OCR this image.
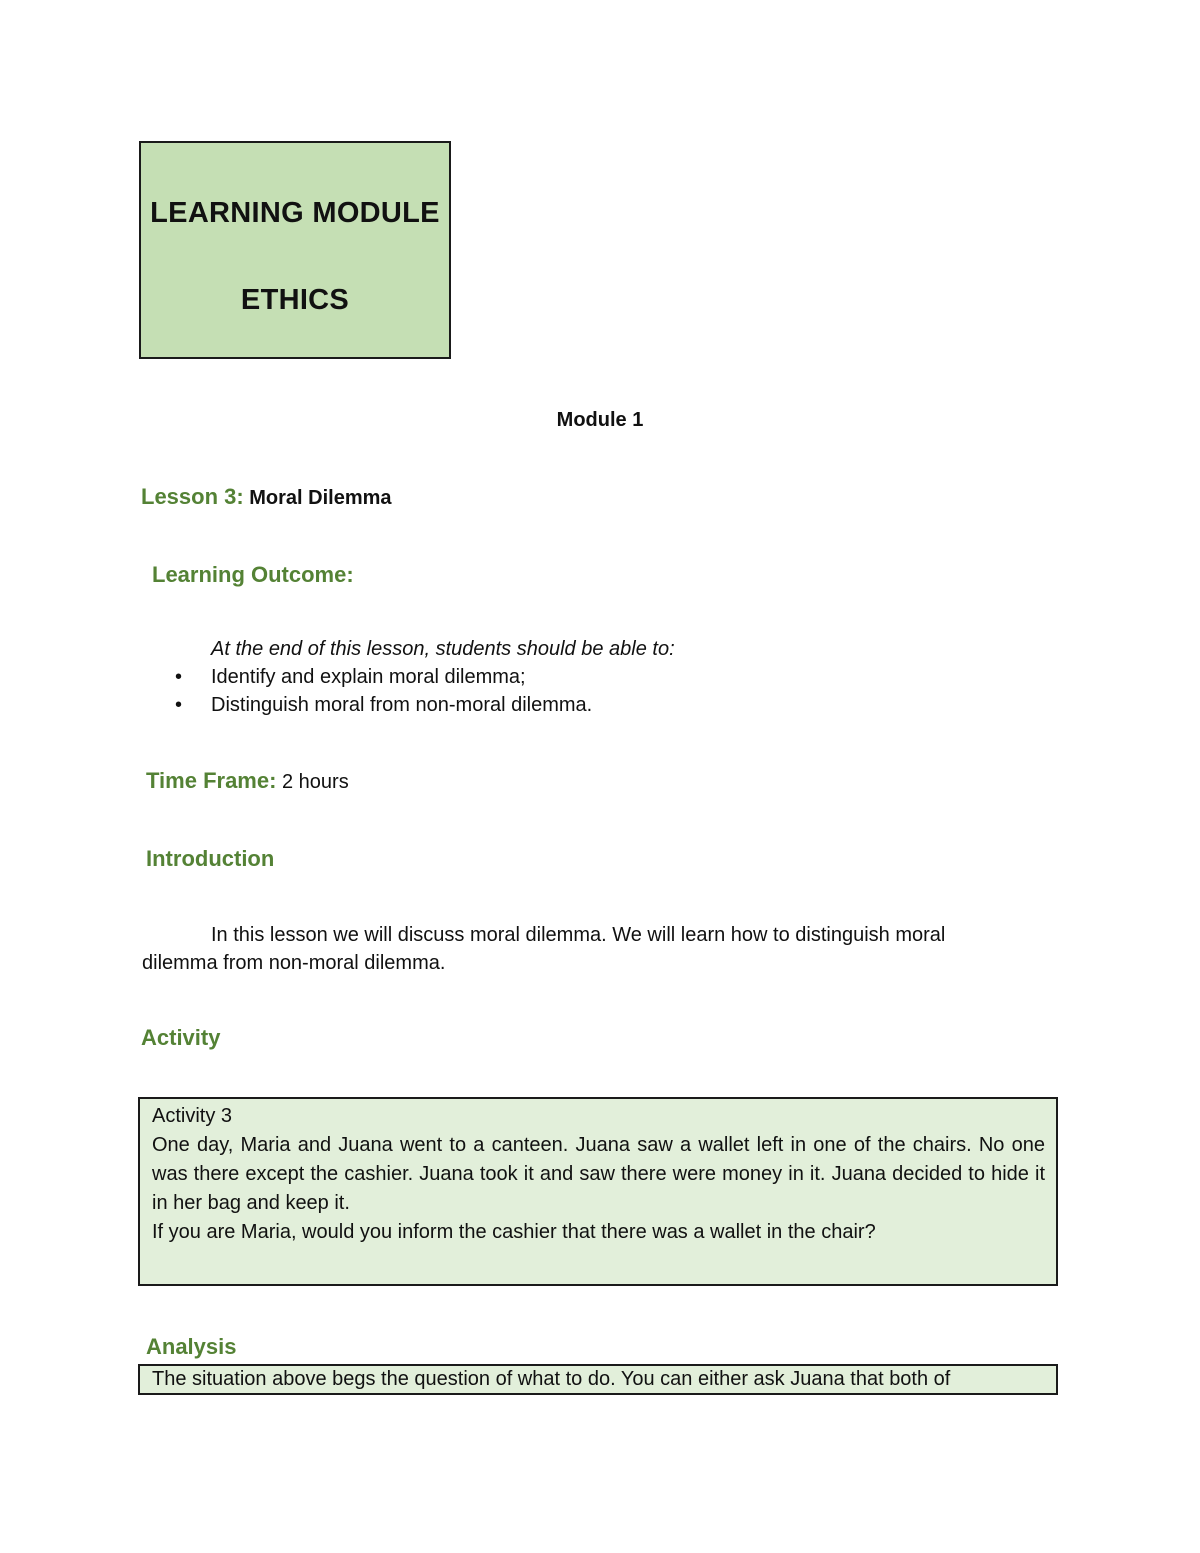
LEARNING MODULE
ETHICS
Module 1
Lesson 3: Moral Dilemma
Learning Outcome:
At the end of this lesson, students should be able to:
• Identify and explain moral dilemma;
• Distinguish moral from non-moral dilemma.
Time Frame: 2 hours
Introduction
In this lesson we will discuss moral dilemma. We will learn how to distinguish moral dilemma from non-moral dilemma.
Activity
Activity 3
One day, Maria and Juana went to a canteen. Juana saw a wallet left in one of the chairs. No one was there except the cashier. Juana took it and saw there were money in it. Juana decided to hide it in her bag and keep it.
If you are Maria, would you inform the cashier that there was a wallet in the chair?
Analysis
The situation above begs the question of what to do. You can either ask Juana that both of
